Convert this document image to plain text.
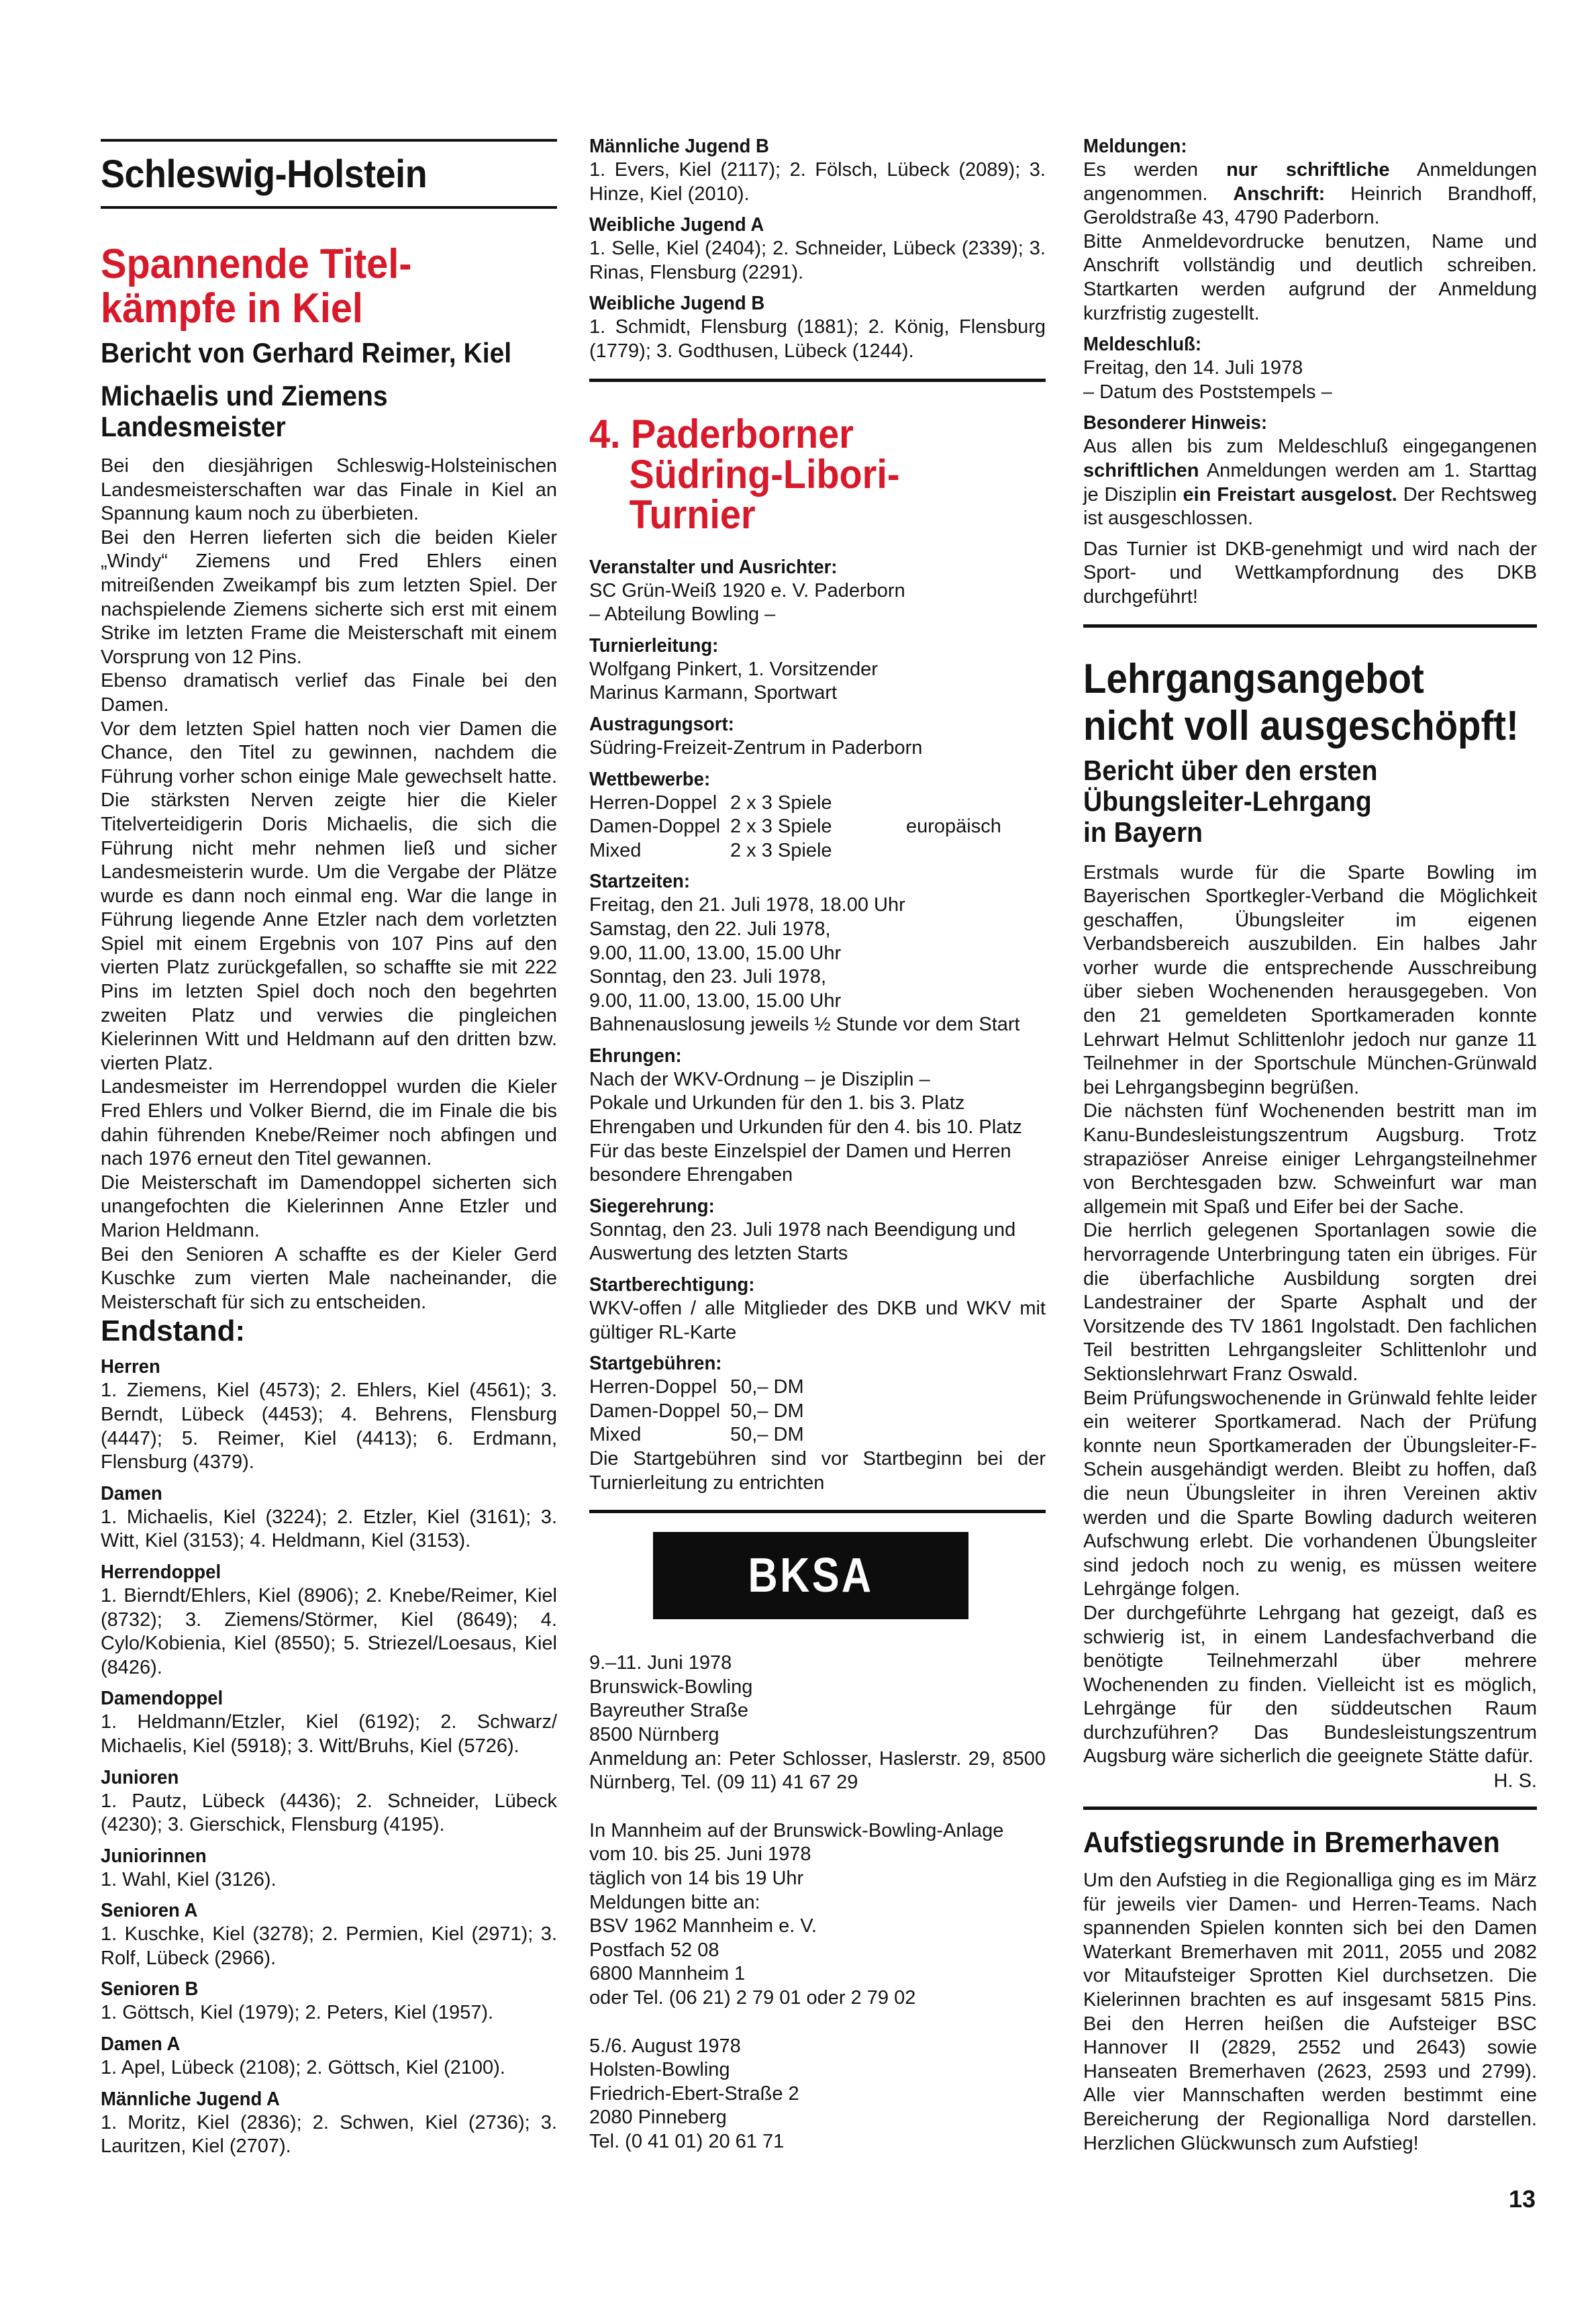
Schleswig-Holstein
Spannende Titel-
kämpfe in Kiel
Bericht von Gerhard Reimer, Kiel
Michaelis und Ziemens
Landesmeister

Bei den diesjährigen Schleswig-Holsteinischen Landesmeisterschaften war das Finale in Kiel an Spannung kaum noch zu überbieten.

Bei den Herren lieferten sich die beiden Kieler „Windy“ Ziemens und Fred Ehlers einen mitreißenden Zweikampf bis zum letzten Spiel. Der nachspielende Ziemens sicherte sich erst mit einem Strike im letzten Frame die Meisterschaft mit einem Vorsprung von 12 Pins.

Ebenso dramatisch verlief das Finale bei den Damen.

Vor dem letzten Spiel hatten noch vier Damen die Chance, den Titel zu gewinnen, nachdem die Führung vorher schon einige Male gewechselt hatte. Die stärksten Nerven zeigte hier die Kieler Titelverteidigerin Doris Michaelis, die sich die Führung nicht mehr nehmen ließ und sicher Landesmeisterin wurde. Um die Vergabe der Plätze wurde es dann noch einmal eng. War die lange in Führung liegende Anne Etzler nach dem vorletzten Spiel mit einem Ergebnis von 107 Pins auf den vierten Platz zurückgefallen, so schaffte sie mit 222 Pins im letzten Spiel doch noch den begehrten zweiten Platz und verwies die pingleichen Kielerinnen Witt und Heldmann auf den dritten bzw. vierten Platz.

Landesmeister im Herrendoppel wurden die Kieler Fred Ehlers und Volker Biernd, die im Finale die bis dahin führenden Knebe/Reimer noch abfingen und nach 1976 erneut den Titel gewannen.

Die Meisterschaft im Damendoppel sicherten sich unangefochten die Kielerinnen Anne Etzler und Marion Heldmann.

Bei den Senioren A schaffte es der Kieler Gerd Kuschke zum vierten Male nacheinander, die Meisterschaft für sich zu entscheiden.

Endstand:
Herren

1. Ziemens, Kiel (4573); 2. Ehlers, Kiel (4561); 3. Berndt, Lübeck (4453); 4. Behrens, Flensburg (4447); 5. Reimer, Kiel (4413); 6. Erdmann, Flensburg (4379).

Damen

1. Michaelis, Kiel (3224); 2. Etzler, Kiel (3161); 3. Witt, Kiel (3153); 4. Heldmann, Kiel (3153).

Herrendoppel

1. Bierndt/Ehlers, Kiel (8906); 2. Knebe/Reimer, Kiel (8732); 3. Ziemens/Störmer, Kiel (8649); 4. Cylo/Kobienia, Kiel (8550); 5. Striezel/Loesaus, Kiel (8426).

Damendoppel

1. Heldmann/Etzler, Kiel (6192); 2. Schwarz/ Michaelis, Kiel (5918); 3. Witt/Bruhs, Kiel (5726).

Junioren

1. Pautz, Lübeck (4436); 2. Schneider, Lübeck (4230); 3. Gierschick, Flensburg (4195).

Juniorinnen

1. Wahl, Kiel (3126).

Senioren A

1. Kuschke, Kiel (3278); 2. Permien, Kiel (2971); 3. Rolf, Lübeck (2966).

Senioren B

1. Göttsch, Kiel (1979); 2. Peters, Kiel (1957).

Damen A

1. Apel, Lübeck (2108); 2. Göttsch, Kiel (2100).

Männliche Jugend A

1. Moritz, Kiel (2836); 2. Schwen, Kiel (2736); 3. Lauritzen, Kiel (2707).

Männliche Jugend B

1. Evers, Kiel (2117); 2. Fölsch, Lübeck (2089); 3. Hinze, Kiel (2010).

Weibliche Jugend A

1. Selle, Kiel (2404); 2. Schneider, Lübeck (2339); 3. Rinas, Flensburg (2291).

Weibliche Jugend B

1. Schmidt, Flensburg (1881); 2. König, Flensburg (1779); 3. Godthusen, Lübeck (1244).

4. Paderborner
Südring-Libori-
Turnier
Veranstalter und Ausrichter:
SC Grün-Weiß 1920 e. V. Paderborn
– Abteilung Bowling –
Turnierleitung:
Wolfgang Pinkert, 1. Vorsitzender
Marinus Karmann, Sportwart
Austragungsort:
Südring-Freizeit-Zentrum in Paderborn
Wettbewerbe:
Herren-Doppel 2 x 3 Spiele
Damen-Doppel 2 x 3 Spiele	europäisch
Mixed	2 x 3 Spiele
Startzeiten:
Freitag, den 21. Juli 1978, 18.00 Uhr
Samstag, den 22. Juli 1978,
9.00, 11.00, 13.00, 15.00 Uhr
Sonntag, den 23. Juli 1978,
9.00, 11.00, 13.00, 15.00 Uhr

Bahnenauslosung jeweils ½ Stunde vor dem Start

Ehrungen:
Nach der WKV-Ordnung – je Disziplin –
Pokale und Urkunden für den 1. bis 3. Platz
Ehrengaben und Urkunden für den 4. bis 10. Platz
Für das beste Einzelspiel der Damen und Herren besondere Ehrengaben
Siegerehrung:

Sonntag, den 23. Juli 1978 nach Beendigung und Auswertung des letzten Starts

Startberechtigung:

WKV-offen / alle Mitglieder des DKB und WKV mit gültiger RL-Karte

Startgebühren:
Herren-Doppel 50,– DM
Damen-Doppel 50,– DM
Mixed	50,– DM

Die Startgebühren sind vor Startbeginn bei der Turnierleitung zu entrichten

BKSA
9.–11. Juni 1978
Brunswick-Bowling
Bayreuther Straße
8500 Nürnberg

Anmeldung an: Peter Schlosser, Haslerstr. 29, 8500 Nürnberg, Tel. (09 11) 41 67 29

In Mannheim auf der Brunswick-Bowling-Anlage
vom 10. bis 25. Juni 1978
täglich von 14 bis 19 Uhr
Meldungen bitte an:
BSV 1962 Mannheim e. V.
Postfach 52 08
6800 Mannheim 1
oder Tel. (06 21) 2 79 01 oder 2 79 02
5./6. August 1978
Holsten-Bowling
Friedrich-Ebert-Straße 2
2080 Pinneberg
Tel. (0 41 01) 20 61 71
Meldungen:

Es werden nur schriftliche Anmeldungen angenommen. Anschrift: Heinrich Brandhoff, Geroldstraße 43, 4790 Paderborn.

Bitte Anmeldevordrucke benutzen, Name und Anschrift vollständig und deutlich schreiben. Startkarten werden aufgrund der Anmeldung kurzfristig zugestellt.

Meldeschluß:
Freitag, den 14. Juli 1978
– Datum des Poststempels –
Besonderer Hinweis:

Aus allen bis zum Meldeschluß eingegangenen schriftlichen Anmeldungen werden am 1. Starttag je Disziplin ein Freistart ausgelost. Der Rechtsweg ist ausgeschlossen.

Das Turnier ist DKB-genehmigt und wird nach der Sport- und Wettkampfordnung des DKB durchgeführt!

Lehrgangsangebot
nicht voll ausgeschöpft!
Bericht über den ersten
Übungsleiter-Lehrgang
in Bayern

Erstmals wurde für die Sparte Bowling im Bayerischen Sportkegler-Verband die Möglichkeit geschaffen, Übungsleiter im eigenen Verbandsbereich auszubilden. Ein halbes Jahr vorher wurde die entsprechende Ausschreibung über sieben Wochenenden herausgegeben. Von den 21 gemeldeten Sportkameraden konnte Lehrwart Helmut Schlittenlohr jedoch nur ganze 11 Teilnehmer in der Sportschule München-Grünwald bei Lehrgangsbeginn begrüßen.

Die nächsten fünf Wochenenden bestritt man im Kanu-Bundesleistungszentrum Augsburg. Trotz strapaziöser Anreise einiger Lehrgangsteilnehmer von Berchtesgaden bzw. Schweinfurt war man allgemein mit Spaß und Eifer bei der Sache.

Die herrlich gelegenen Sportanlagen sowie die hervorragende Unterbringung taten ein übriges. Für die überfachliche Ausbildung sorgten drei Landestrainer der Sparte Asphalt und der Vorsitzende des TV 1861 Ingolstadt. Den fachlichen Teil bestritten Lehrgangsleiter Schlittenlohr und Sektionslehrwart Franz Oswald.

Beim Prüfungswochenende in Grünwald fehlte leider ein weiterer Sportkamerad. Nach der Prüfung konnte neun Sportkameraden der Übungsleiter-F-Schein ausgehändigt werden. Bleibt zu hoffen, daß die neun Übungsleiter in ihren Vereinen aktiv werden und die Sparte Bowling dadurch weiteren Aufschwung erlebt. Die vorhandenen Übungsleiter sind jedoch noch zu wenig, es müssen weitere Lehrgänge folgen.

Der durchgeführte Lehrgang hat gezeigt, daß es schwierig ist, in einem Landesfachverband die benötigte Teilnehmerzahl über mehrere Wochenenden zu finden. Vielleicht ist es möglich, Lehrgänge für den süddeutschen Raum durchzuführen? Das Bundesleistungszentrum Augsburg wäre sicherlich die geeignete Stätte dafür.

H. S.
Aufstiegsrunde in Bremerhaven

Um den Aufstieg in die Regionalliga ging es im März für jeweils vier Damen- und Herren-Teams. Nach spannenden Spielen konnten sich bei den Damen Waterkant Bremerhaven mit 2011, 2055 und 2082 vor Mitaufsteiger Sprotten Kiel durchsetzen. Die Kielerinnen brachten es auf insgesamt 5815 Pins. Bei den Herren heißen die Aufsteiger BSC Hannover II (2829, 2552 und 2643) sowie Hanseaten Bremerhaven (2623, 2593 und 2799). Alle vier Mannschaften werden bestimmt eine Bereicherung der Regionalliga Nord darstellen. Herzlichen Glückwunsch zum Aufstieg!

13
